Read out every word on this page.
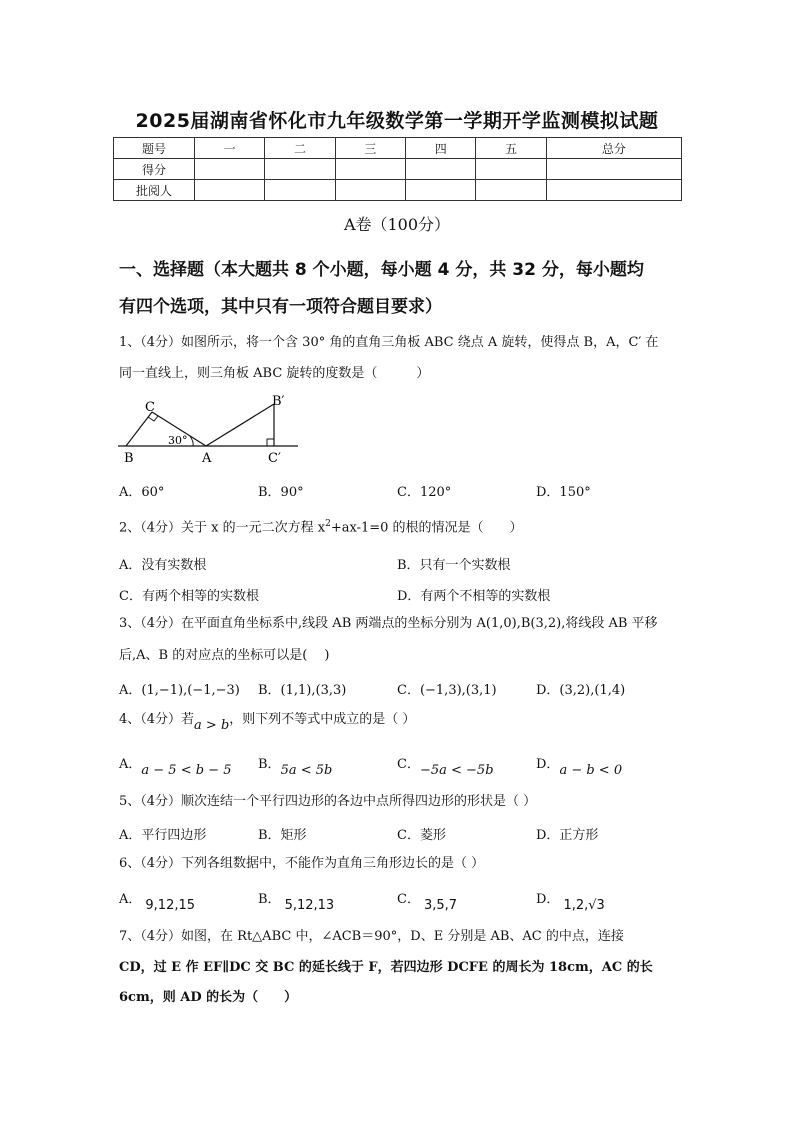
2025届湖南省怀化市九年级数学第一学期开学监测模拟试题
题号	一	二	三	四	五	总分
得分						
批阅人						
A卷（100分）
一、选择题（本大题共 8 个小题，每小题 4 分，共 32 分，每小题均
有四个选项，其中只有一项符合题目要求）
1、（4分）如图所示，将一个含 30° 角的直角三角板 ABC 绕点 A 旋转，使得点 B，A，C′ 在
同一直线上，则三角板 ABC 旋转的度数是（　　　）
C
B	A
B′
C′
30°
A．60°	B．90°	C．120°	D．150°
2、（4分）关于 x 的一元二次方程 $x^2+ax-1=0$ 的根的情况是（　　）
A．没有实数根	B．只有一个实数根
C．有两个相等的实数根	D．有两个不相等的实数根
3、（4分）在平面直角坐标系中,线段 AB 两端点的坐标分别为 A(1,0),B(3,2),将线段 AB 平移
后,A、B 的对应点的坐标可以是(　 )
A．(1,−1),(−1,−3) B．(1,1),(3,3)	C．(−1,3),(3,1)	D．(3,2),(1,4)
4、（4分）若a > b，则下列不等式中成立的是（ ）
A．a − 5 < b − 5 B．5a < 5b	C．−5a < −5b	D．a − b < 0
5、（4分）顺次连结一个平行四边形的各边中点所得四边形的形状是（ ）
A．平行四边形	B．矩形	C．菱形	D．正方形
6、（4分）下列各组数据中，不能作为直角三角形边长的是（ ）
A． 9,12,15	B． 5,12,13	C． 3,5,7	D． 1,2,√3
7、（4分）如图，在 Rt△ABC 中，∠ACB＝90°，D、E 分别是 AB、AC 的中点，连接
CD，过 E 作 EF∥DC 交 BC 的延长线于 F，若四边形 DCFE 的周长为 18cm，AC 的长
6cm，则 AD 的长为（　　）
